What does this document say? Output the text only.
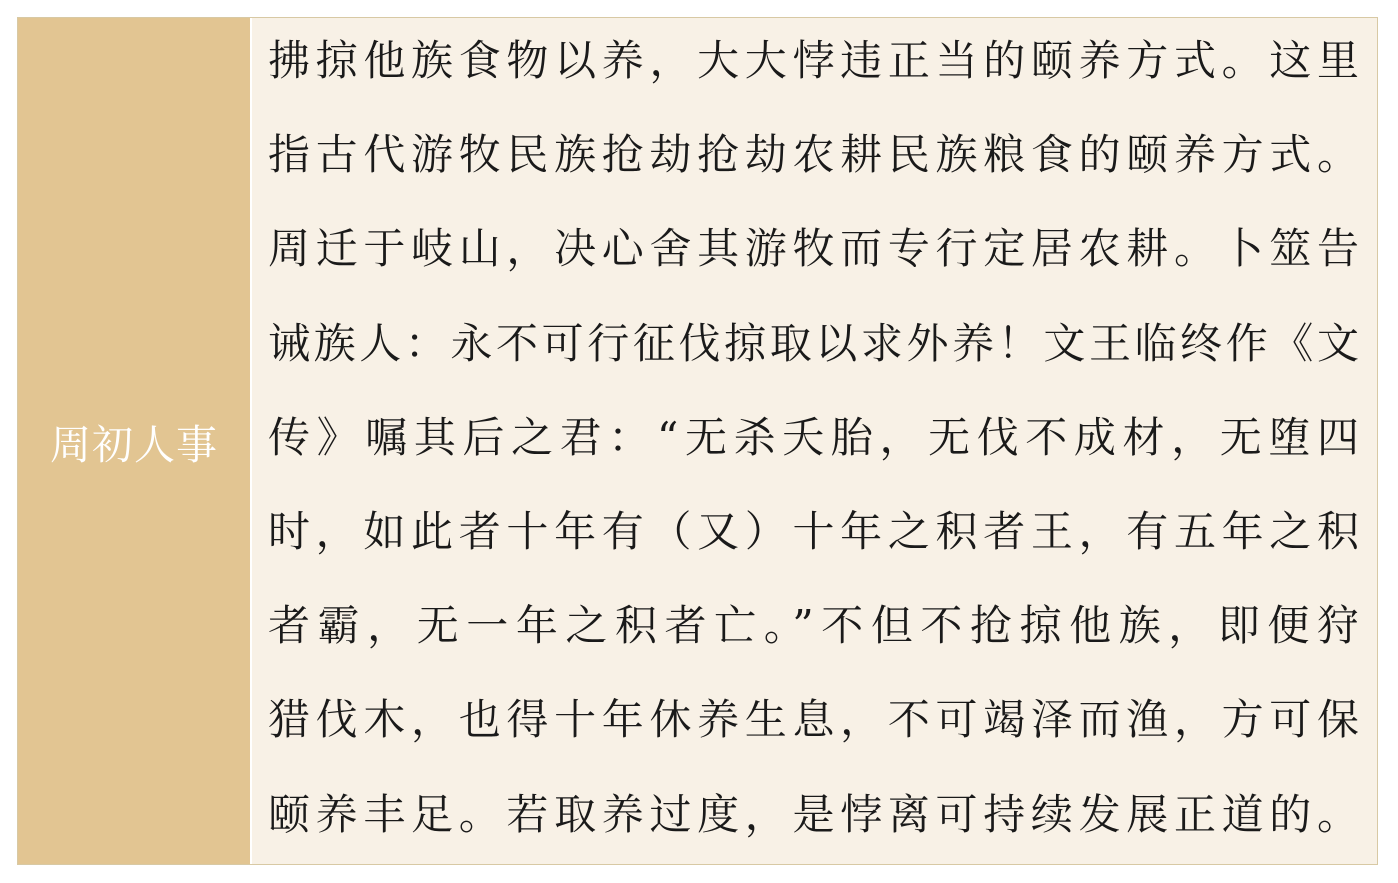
周初人事
拂掠他族食物以养，大大悖违正当的颐养方式。这里
指古代游牧民族抢劫抢劫农耕民族粮食的颐养方式。
周迁于岐山，决心舍其游牧而专行定居农耕。卜筮告
诫族人：永不可行征伐掠取以求外养！文王临终作《文
传》嘱其后之君：“无杀夭胎，无伐不成材，无堕四
时，如此者十年有（又）十年之积者王，有五年之积
者霸，无一年之积者亡。”不但不抢掠他族，即便狩
猎伐木，也得十年休养生息，不可竭泽而渔，方可保
颐养丰足。若取养过度，是悖离可持续发展正道的。
